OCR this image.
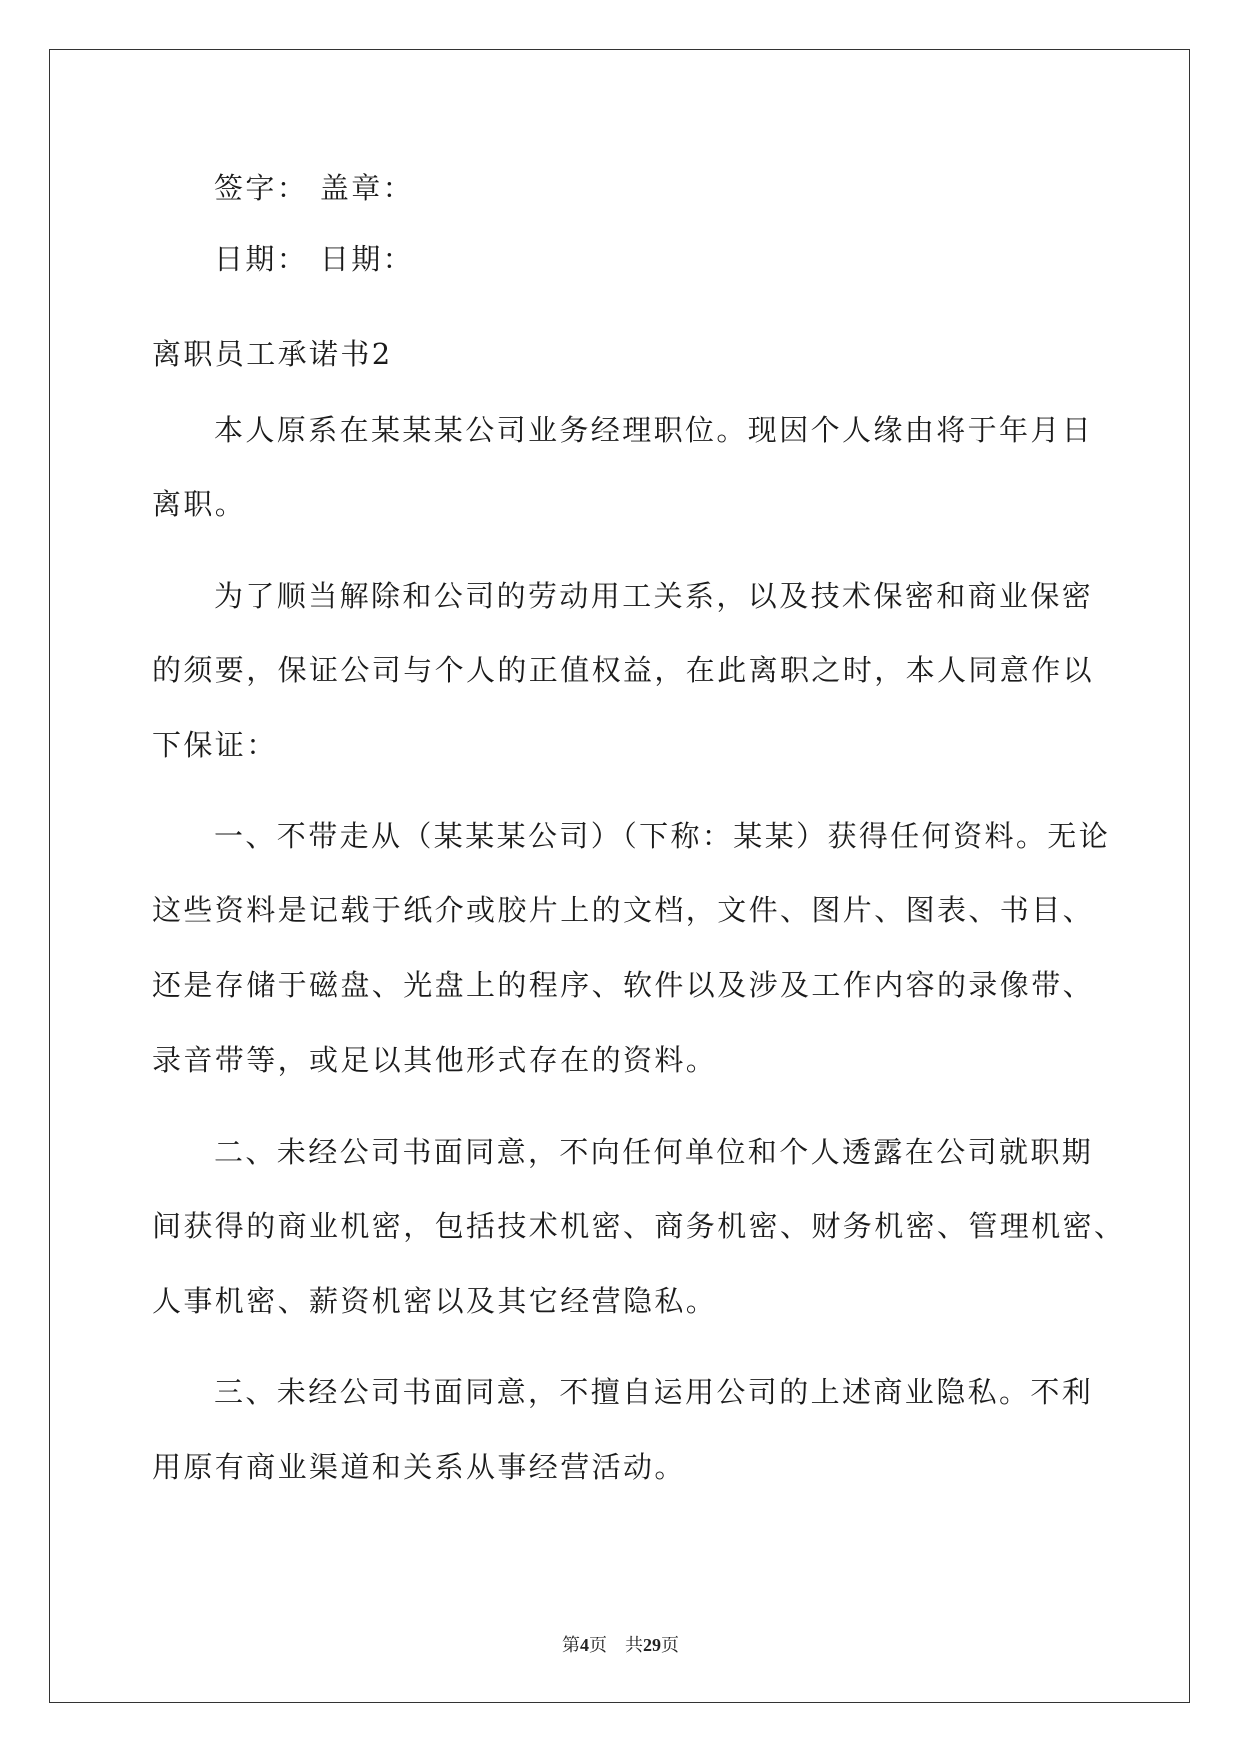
签字： 盖章：
日期： 日期：
离职员工承诺书2
本人原系在某某某公司业务经理职位。现因个人缘由将于年月日
离职。
为了顺当解除和公司的劳动用工关系，以及技术保密和商业保密
的须要，保证公司与个人的正值权益，在此离职之时，本人同意作以
下保证：
一、不带走从（某某某公司）（下称：某某）获得任何资料。无论
这些资料是记载于纸介或胶片上的文档，文件、图片、图表、书目、
还是存储于磁盘、光盘上的程序、软件以及涉及工作内容的录像带、
录音带等，或足以其他形式存在的资料。
二、未经公司书面同意，不向任何单位和个人透露在公司就职期
间获得的商业机密，包括技术机密、商务机密、财务机密、管理机密、
人事机密、薪资机密以及其它经营隐私。
三、未经公司书面同意，不擅自运用公司的上述商业隐私。不利
用原有商业渠道和关系从事经营活动。
第4页 共29页
